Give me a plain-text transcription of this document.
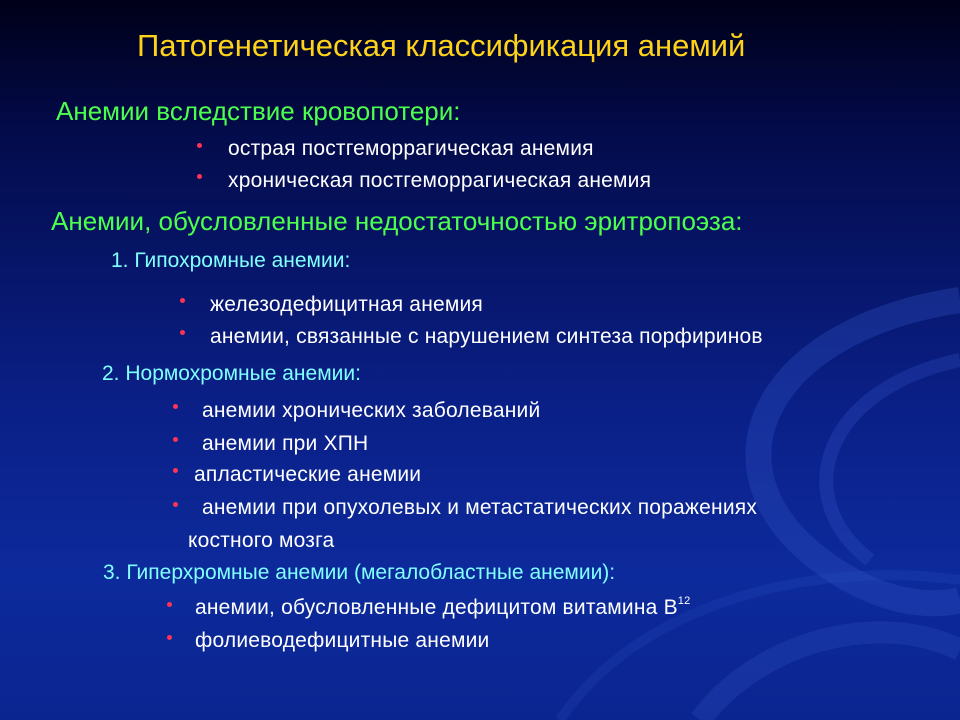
Патогенетическая классификация анемий
Анемии вследствие кровопотери:
острая постгеморрагическая анемия
хроническая постгеморрагическая анемия
Анемии, обусловленные недостаточностью эритропоэза:
1. Гипохромные анемии:
железодефицитная анемия
анемии, связанные с нарушением синтеза порфиринов
2. Нормохромные анемии:
анемии хронических заболеваний
анемии при ХПН
апластические анемии
анемии при опухолевых и метастатических поражениях
костного мозга
3. Гиперхромные анемии (мегалобластные анемии):
анемии, обусловленные дефицитом витамина $В^{12}$
фолиеводефицитные анемии
